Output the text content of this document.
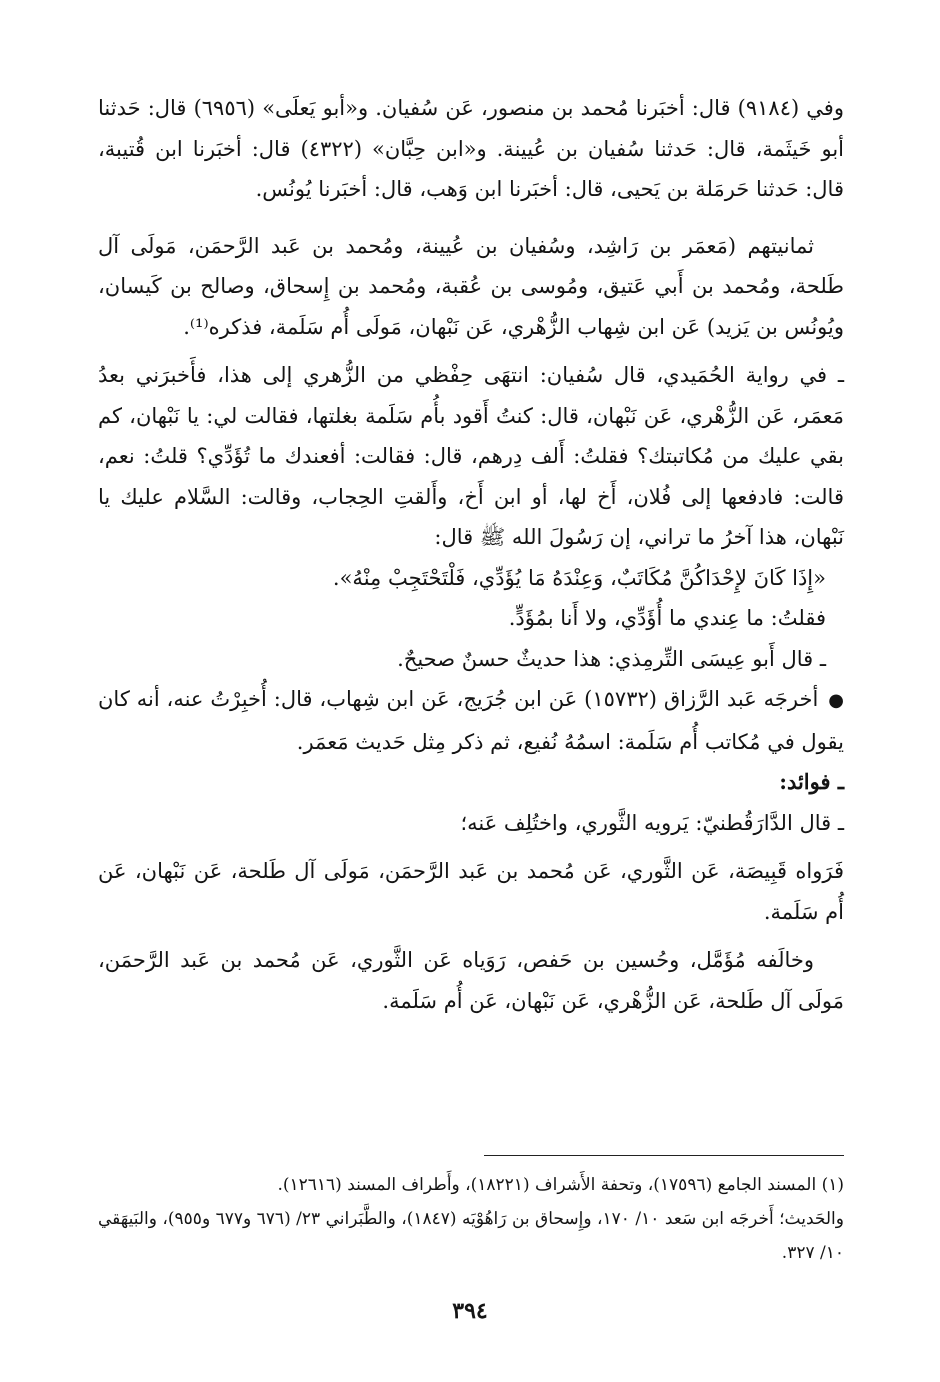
وفي (٩١٨٤) قال: أخبَرنا مُحمد بن منصور، عَن سُفيان. و«أبو يَعلَى» (٦٩٥٦) قال: حَدثنا أبو خَيثَمة، قال: حَدثنا سُفيان بن عُيينة. و«ابن حِبَّان» (٤٣٢٢) قال: أخبَرنا ابن قُتيبة، قال: حَدثنا حَرمَلة بن يَحيى، قال: أخبَرنا ابن وَهب، قال: أخبَرنا يُونُس.

ثمانيتهم (مَعمَر بن رَاشِد، وسُفيان بن عُيينة، ومُحمد بن عَبد الرَّحمَن، مَولَى آل طَلحة، ومُحمد بن أَبي عَتيق، ومُوسى بن عُقبة، ومُحمد بن إِسحاق، وصالح بن كَيسان، ويُونُس بن يَزيد) عَن ابن شِهاب الزُّهْري، عَن نَبْهان، مَولَى أُم سَلَمة، فذكره⁽¹⁾.

ـ في رواية الحُمَيدي، قال سُفيان: انتهَى حِفْظي من الزُّهري إلى هذا، فأَخبرَني بعدُ مَعمَر، عَن الزُّهْري، عَن نَبْهان، قال: كنتُ أَقود بأُم سَلَمة بغلتها، فقالت لي: يا نَبْهان، كم بقي عليك من مُكاتبتك؟ فقلتُ: أَلف دِرهم، قال: فقالت: أفعندك ما تُؤَدِّي؟ قلتُ: نعم، قالت: فادفعها إلى فُلان، أَخ لها، أو ابن أَخ، وأَلقتِ الحِجاب، وقالت: السَّلام عليك يا نَبْهان، هذا آخرُ ما تراني، إن رَسُولَ الله ﷺ قال:

«إِذَا كَانَ لإِحْدَاكُنَّ مُكَاتَبٌ، وَعِنْدَهُ مَا يُؤَدِّي، فَلْتَحْتَجِبْ مِنْهُ».

فقلتُ: ما عِندي ما أُؤَدِّي، ولا أَنا بمُؤَدٍّ.

ـ قال أَبو عِيسَى التِّرمِذي: هذا حديثٌ حسنٌ صحيحٌ.

●أخرجَه عَبد الرَّزاق (١٥٧٣٢) عَن ابن جُرَيج، عَن ابن شِهاب، قال: أُخبِرْتُ عنه، أنه كان يقول في مُكاتب أُم سَلَمة: اسمُهُ نُفيع، ثم ذكر مِثل حَديث مَعمَر.

ـ فوائد:

ـ قال الدَّارَقُطنيّ: يَرويه الثَّوري، واختُلِف عَنه؛

فَرَواه قَبِيصَة، عَن الثَّوري، عَن مُحمد بن عَبد الرَّحمَن، مَولَى آل طَلحة، عَن نَبْهان، عَن أُم سَلَمة.

وخالَفه مُؤَمَّل، وحُسين بن حَفص، رَوَياه عَن الثَّوري، عَن مُحمد بن عَبد الرَّحمَن، مَولَى آل طَلحة، عَن الزُّهْري، عَن نَبْهان، عَن أُم سَلَمة.

(١) المسند الجامع (١٧٥٩٦)، وتحفة الأَشراف (١٨٢٢١)، وأَطراف المسند (١٢٦١٦).

والحَديث؛ أَخرجَه ابن سَعد ١٠/ ١٧٠، وإِسحاق بن رَاهُوْيَه (١٨٤٧)، والطَّبَراني ٢٣/ (٦٧٦ و٦٧٧ و٩٥٥)، والبَيهَقي ١٠/ ٣٢٧.

٣٩٤
